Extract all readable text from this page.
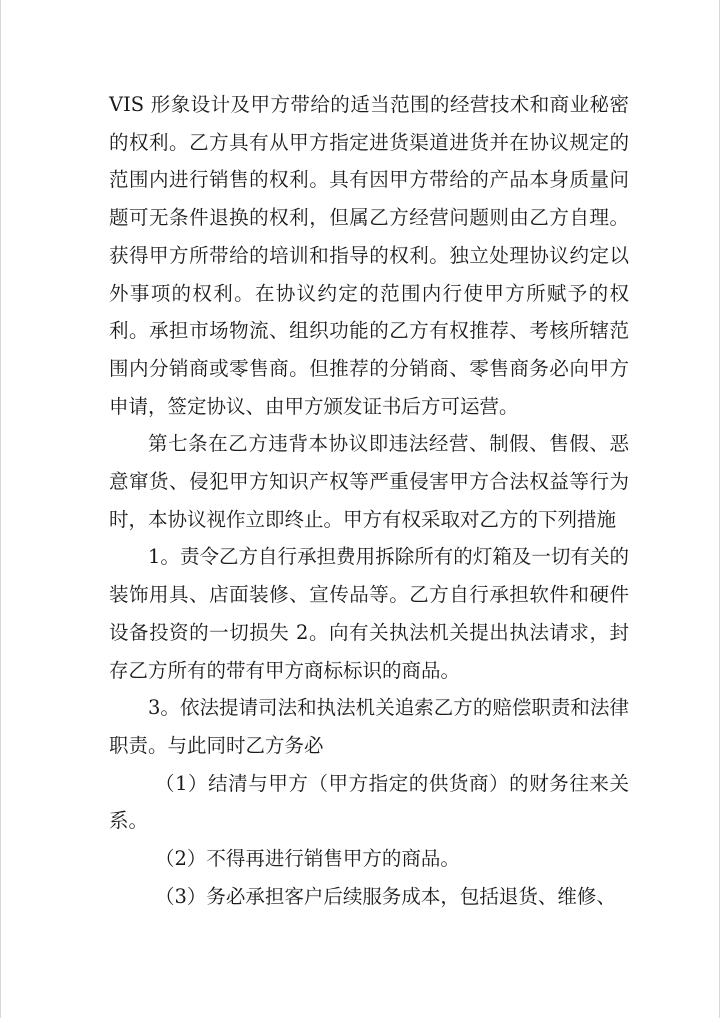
VIS 形象设计及甲方带给的适当范围的经营技术和商业秘密的权利。乙方具有从甲方指定进货渠道进货并在协议规定的范围内进行销售的权利。具有因甲方带给的产品本身质量问题可无条件退换的权利，但属乙方经营问题则由乙方自理。获得甲方所带给的培训和指导的权利。独立处理协议约定以外事项的权利。在协议约定的范围内行使甲方所赋予的权利。承担市场物流、组织功能的乙方有权推荐、考核所辖范围内分销商或零售商。但推荐的分销商、零售商务必向甲方申请，签定协议、由甲方颁发证书后方可运营。

第七条在乙方违背本协议即违法经营、制假、售假、恶意窜货、侵犯甲方知识产权等严重侵害甲方合法权益等行为时，本协议视作立即终止。甲方有权采取对乙方的下列措施

1。责令乙方自行承担费用拆除所有的灯箱及一切有关的装饰用具、店面装修、宣传品等。乙方自行承担软件和硬件设备投资的一切损失 2。向有关执法机关提出执法请求，封存乙方所有的带有甲方商标标识的商品。

3。依法提请司法和执法机关追索乙方的赔偿职责和法律职责。与此同时乙方务必

（1）结清与甲方（甲方指定的供货商）的财务往来关系。

（2）不得再进行销售甲方的商品。

（3）务必承担客户后续服务成本，包括退货、维修、
